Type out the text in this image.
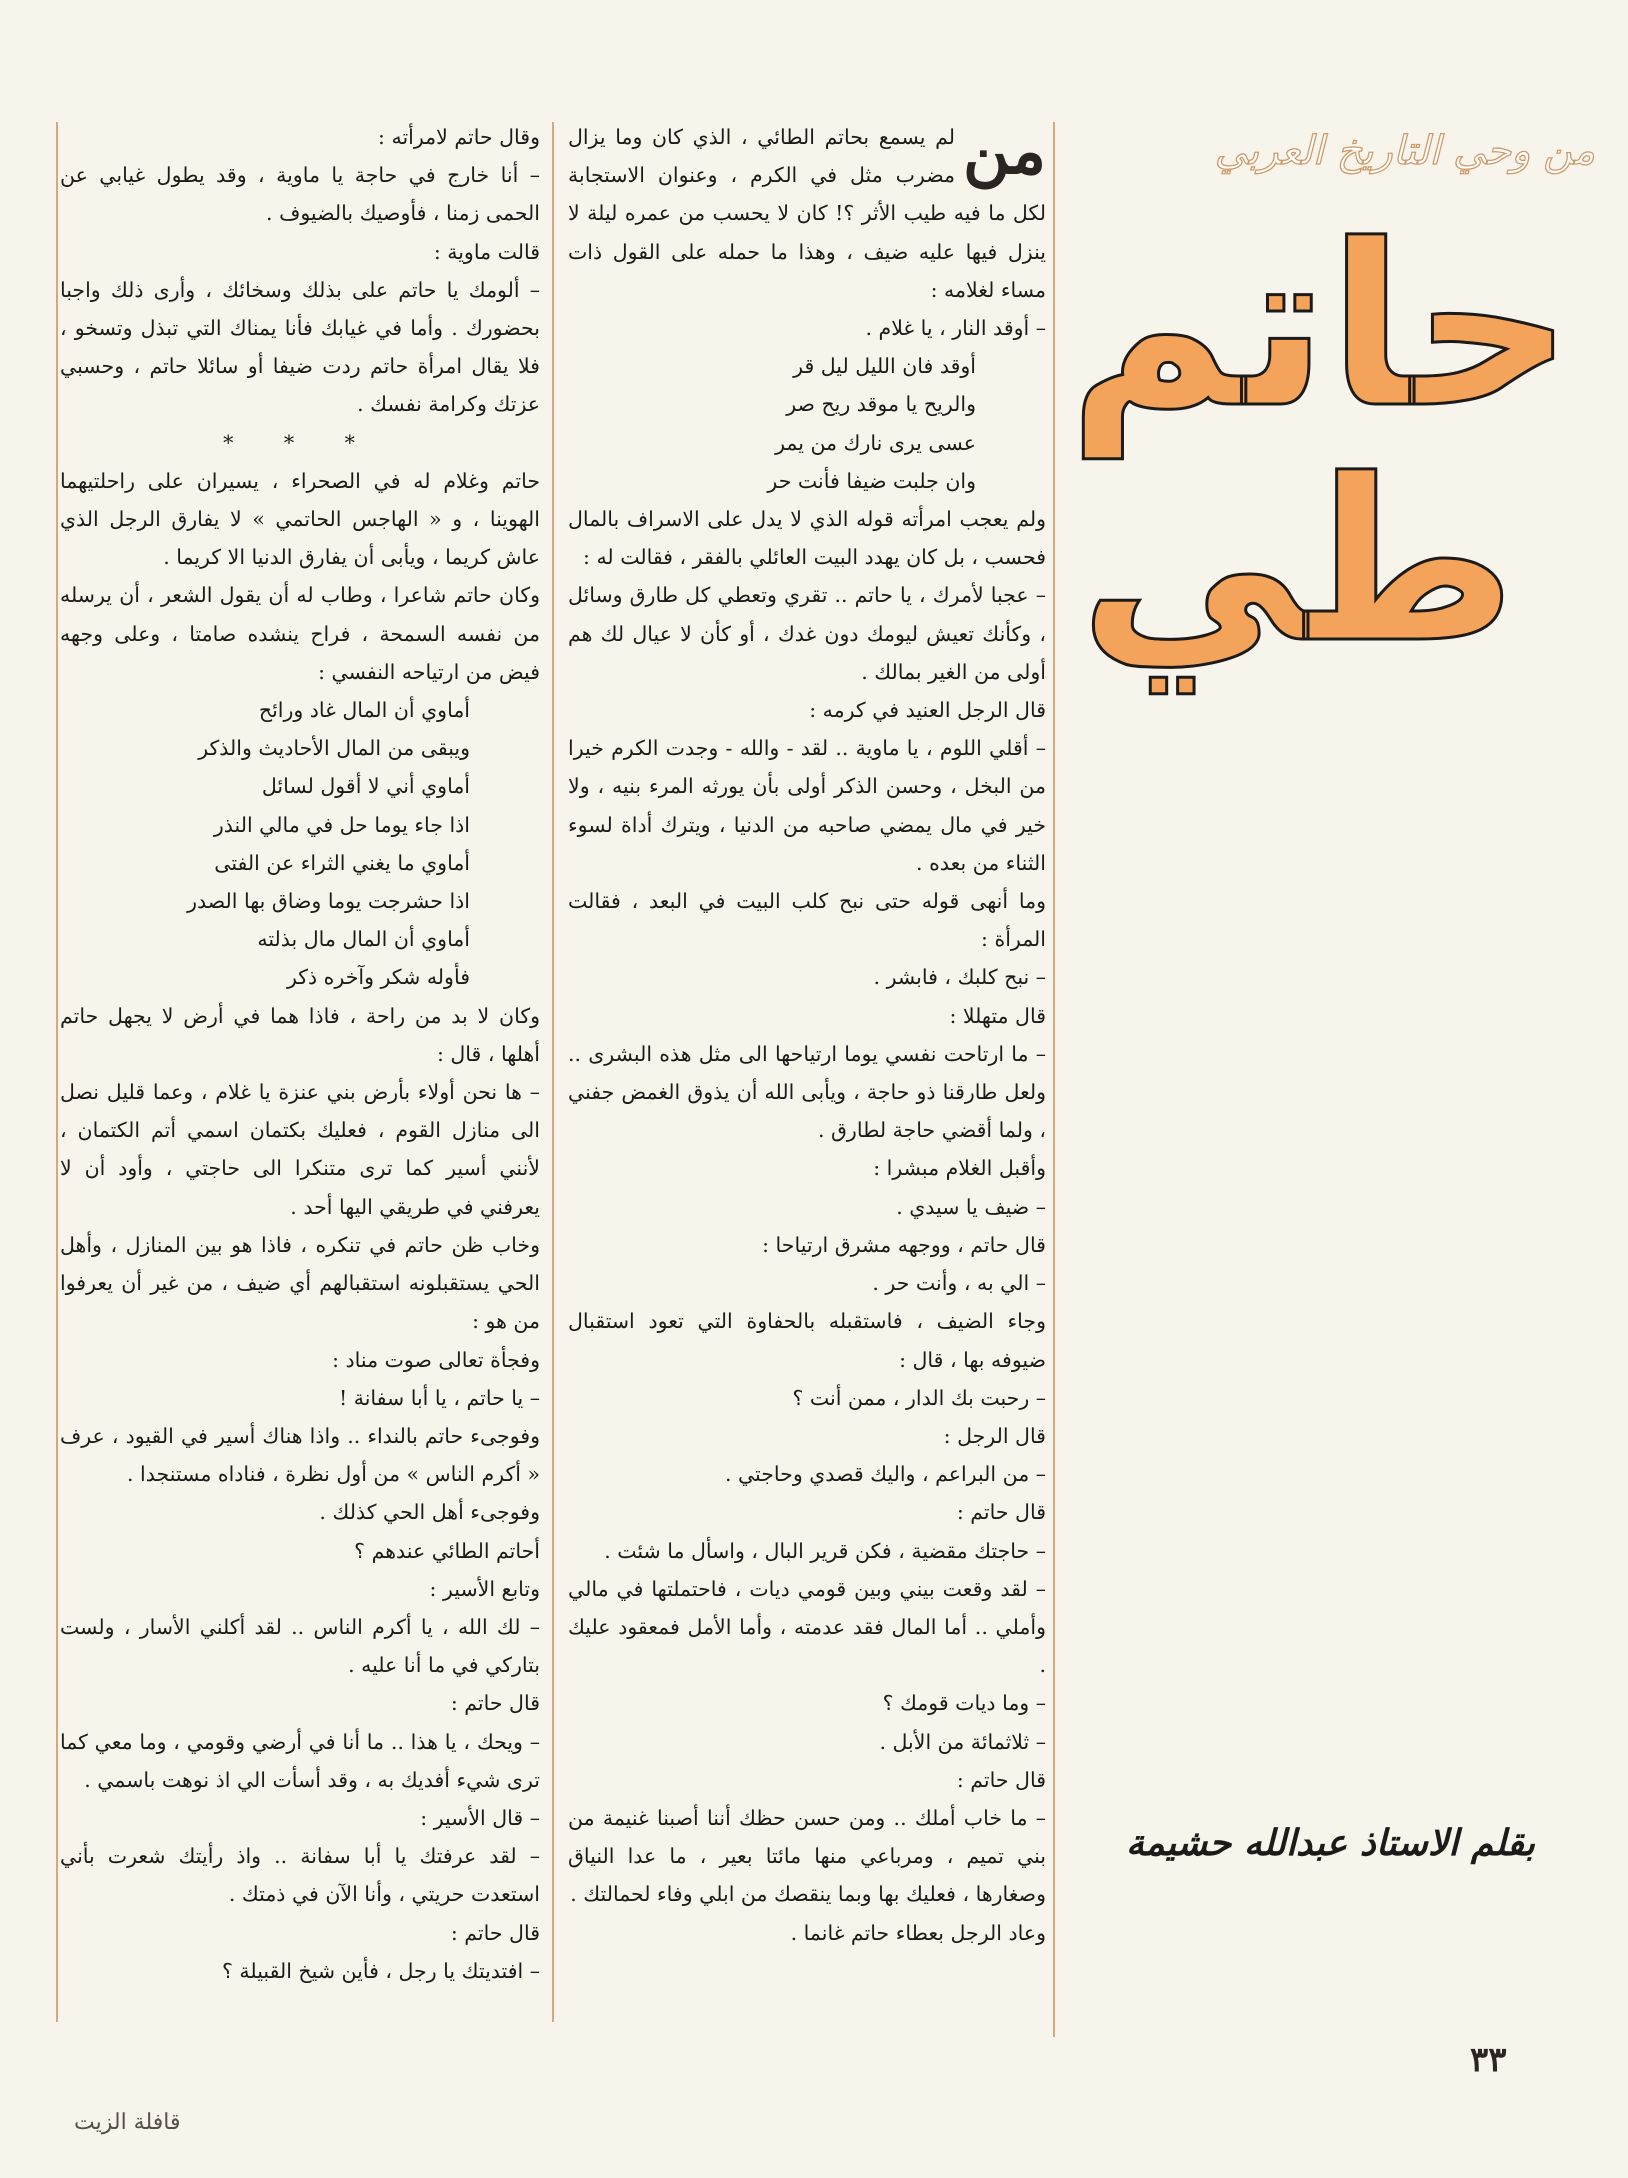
من وحي التاريخ العربي
حاتم
طي
بقلم الاستاذ عبدالله حشيمة
من

لم يسمع بحاتم الطائي ، الذي كان وما يزال مضرب مثل في الكرم ، وعنوان الاستجابة لكل ما فيه طيب الأثر ؟! كان لا يحسب من عمره ليلة لا ينزل فيها عليه ضيف ، وهذا ما حمله على القول ذات مساء لغلامه :

– أوقد النار ، يا غلام .

أوقد فان الليل ليل قر

والريح يا موقد ريح صر

عسى يرى نارك من يمر

وان جلبت ضيفا فأنت حر

ولم يعجب امرأته قوله الذي لا يدل على الاسراف بالمال فحسب ، بل كان يهدد البيت العائلي بالفقر ، فقالت له :

– عجبا لأمرك ، يا حاتم .. تقري وتعطي كل طارق وسائل ، وكأنك تعيش ليومك دون غدك ، أو كأن لا عيال لك هم أولى من الغير بمالك .

قال الرجل العنيد في كرمه :

– أقلي اللوم ، يا ماوية .. لقد - والله - وجدت الكرم خيرا من البخل ، وحسن الذكر أولى بأن يورثه المرء بنيه ، ولا خير في مال يمضي صاحبه من الدنيا ، ويترك أداة لسوء الثناء من بعده .

وما أنهى قوله حتى نبح كلب البيت في البعد ، فقالت المرأة :

– نبح كلبك ، فابشر .

قال متهللا :

– ما ارتاحت نفسي يوما ارتياحها الى مثل هذه البشرى .. ولعل طارقنا ذو حاجة ، ويأبى الله أن يذوق الغمض جفني ، ولما أقضي حاجة لطارق .

وأقبل الغلام مبشرا :

– ضيف يا سيدي .

قال حاتم ، ووجهه مشرق ارتياحا :

– الي به ، وأنت حر .

وجاء الضيف ، فاستقبله بالحفاوة التي تعود استقبال ضيوفه بها ، قال :

– رحبت بك الدار ، ممن أنت ؟

قال الرجل :

– من البراعم ، واليك قصدي وحاجتي .

قال حاتم :

– حاجتك مقضية ، فكن قرير البال ، واسأل ما شئت .

– لقد وقعت بيني وبين قومي ديات ، فاحتملتها في مالي وأملي .. أما المال فقد عدمته ، وأما الأمل فمعقود عليك .

– وما ديات قومك ؟

– ثلاثمائة من الأبل .

قال حاتم :

– ما خاب أملك .. ومن حسن حظك أننا أصبنا غنيمة من بني تميم ، ومرباعي منها مائتا بعير ، ما عدا النياق وصغارها ، فعليك بها وبما ينقصك من ابلي وفاء لحمالتك .

وعاد الرجل بعطاء حاتم غانما .

وقال حاتم لامرأته :

– أنا خارج في حاجة يا ماوية ، وقد يطول غيابي عن الحمى زمنا ، فأوصيك بالضيوف .

قالت ماوية :

– ألومك يا حاتم على بذلك وسخائك ، وأرى ذلك واجبا بحضورك . وأما في غيابك فأنا يمناك التي تبذل وتسخو ، فلا يقال امرأة حاتم ردت ضيفا أو سائلا حاتم ، وحسبي عزتك وكرامة نفسك .

* * *

حاتم وغلام له في الصحراء ، يسيران على راحلتيهما الهوينا ، و « الهاجس الحاتمي » لا يفارق الرجل الذي عاش كريما ، ويأبى أن يفارق الدنيا الا كريما .

وكان حاتم شاعرا ، وطاب له أن يقول الشعر ، أن يرسله من نفسه السمحة ، فراح ينشده صامتا ، وعلى وجهه فيض من ارتياحه النفسي :

أماوي أن المال غاد ورائح

ويبقى من المال الأحاديث والذكر

أماوي أني لا أقول لسائل

اذا جاء يوما حل في مالي النذر

أماوي ما يغني الثراء عن الفتى

اذا حشرجت يوما وضاق بها الصدر

أماوي أن المال مال بذلته

فأوله شكر وآخره ذكر

وكان لا بد من راحة ، فاذا هما في أرض لا يجهل حاتم أهلها ، قال :

– ها نحن أولاء بأرض بني عنزة يا غلام ، وعما قليل نصل الى منازل القوم ، فعليك بكتمان اسمي أتم الكتمان ، لأنني أسير كما ترى متنكرا الى حاجتي ، وأود أن لا يعرفني في طريقي اليها أحد .

وخاب ظن حاتم في تنكره ، فاذا هو بين المنازل ، وأهل الحي يستقبلونه استقبالهم أي ضيف ، من غير أن يعرفوا من هو :

وفجأة تعالى صوت مناد :

– يا حاتم ، يا أبا سفانة !

وفوجىء حاتم بالنداء .. واذا هناك أسير في القيود ، عرف « أكرم الناس » من أول نظرة ، فناداه مستنجدا .

وفوجىء أهل الحي كذلك .

أحاتم الطائي عندهم ؟

وتابع الأسير :

– لك الله ، يا أكرم الناس .. لقد أكلني الأسار ، ولست بتاركي في ما أنا عليه .

قال حاتم :

– ويحك ، يا هذا .. ما أنا في أرضي وقومي ، وما معي كما ترى شيء أفديك به ، وقد أسأت الي اذ نوهت باسمي .

– قال الأسير :

– لقد عرفتك يا أبا سفانة .. واذ رأيتك شعرت بأني استعدت حريتي ، وأنا الآن في ذمتك .

قال حاتم :

– افتديتك يا رجل ، فأين شيخ القبيلة ؟

٣٣
قافلة الزيت
